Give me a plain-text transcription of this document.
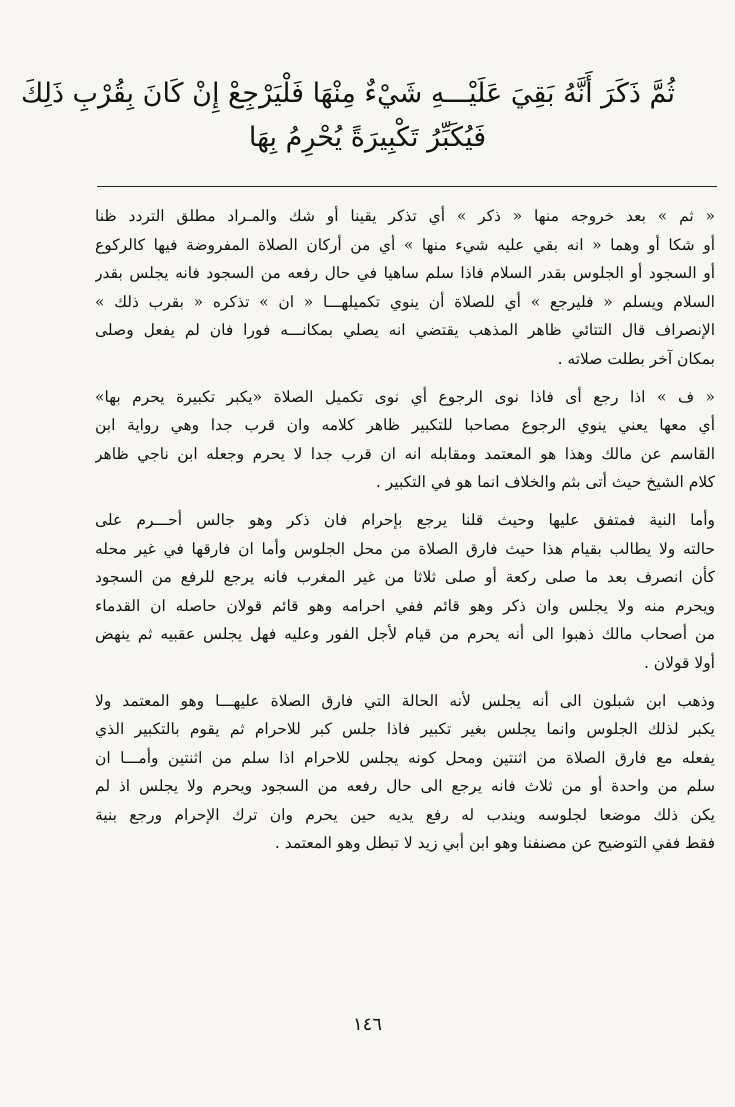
ثُمَّ ذَكَرَ أَنَّهُ بَقِيَ عَلَيْـــهِ شَيْءٌ مِنْهَا فَلْيَرْجِعْ إِنْ كَانَ بِقُرْبِ ذَلِكَ
فَيُكَبِّرُ تَكْبِيرَةً يُحْرِمُ بِهَا
« ثم » بعد خروجه منها « ذكر » أي تذكر يقينا أو شك والمـراد مطلق التردد ظنا
أو شكا أو وهما « انه بقي عليه شيء منها » أي من أركان الصلاة المفروضة فيها كالركوع
أو السجود أو الجلوس بقدر السلام فاذا سلم ساهيا في حال رفعه من السجود فانه يجلس بقدر
السلام ويسلم « فليرجع » أي للصلاة أن ينوي تكميلهـــا « ان » تذكره « بقرب ذلك »
الإنصراف قال التتائي ظاهر المذهب يقتضي انه يصلي بمكانـــه فورا فان لم يفعل وصلى
بمكان آخر بطلت صلاته .
« ف » اذا رجع أى فاذا نوى الرجوع أي نوى تكميل الصلاة «يكبر تكبيرة يحرم بها»
أي معها يعني ينوي الرجوع مصاحبا للتكبير ظاهر كلامه وان قرب جدا وهي رواية ابن
القاسم عن مالك وهذا هو المعتمد ومقابله انه ان قرب جدا لا يحرم وجعله ابن ناجي ظاهر
كلام الشيخ حيث أتى بثم والخلاف انما هو في التكبير .
وأما النية فمتفق عليها وحيث قلنا يرجع بإحرام فان ذكر وهو جالس أحـــرم على
حالته ولا يطالب بقيام هذا حيث فارق الصلاة من محل الجلوس وأما ان فارقها في غير محله
كأن انصرف بعد ما صلى ركعة أو صلى ثلاثا من غير المغرب فانه يرجع للرفع من السجود
ويحرم منه ولا يجلس وان ذكر وهو قائم ففي احرامه وهو قائم قولان حاصله ان القدماء
من أصحاب مالك ذهبوا الى أنه يحرم من قيام لأجل الفور وعليه فهل يجلس عقبيه ثم ينهض
أولا قولان .
وذهب ابن شبلون الى أنه يجلس لأنه الحالة التي فارق الصلاة عليهـــا وهو المعتمد ولا
يكبر لذلك الجلوس وانما يجلس بغير تكبير فاذا جلس كبر للاحرام ثم يقوم بالتكبير الذي
يفعله مع فارق الصلاة من اثنتين ومحل كونه يجلس للاحرام اذا سلم من اثنتين وأمـــا ان
سلم من واحدة أو من ثلاث فانه يرجع الى حال رفعه من السجود ويحرم ولا يجلس اذ لم
يكن ذلك موضعا لجلوسه ويندب له رفع يديه حين يحرم وان ترك الإحرام ورجع بنية
فقط ففي التوضيح عن مصنفنا وهو ابن أبي زيد لا تبطل وهو المعتمد .
١٤٦
